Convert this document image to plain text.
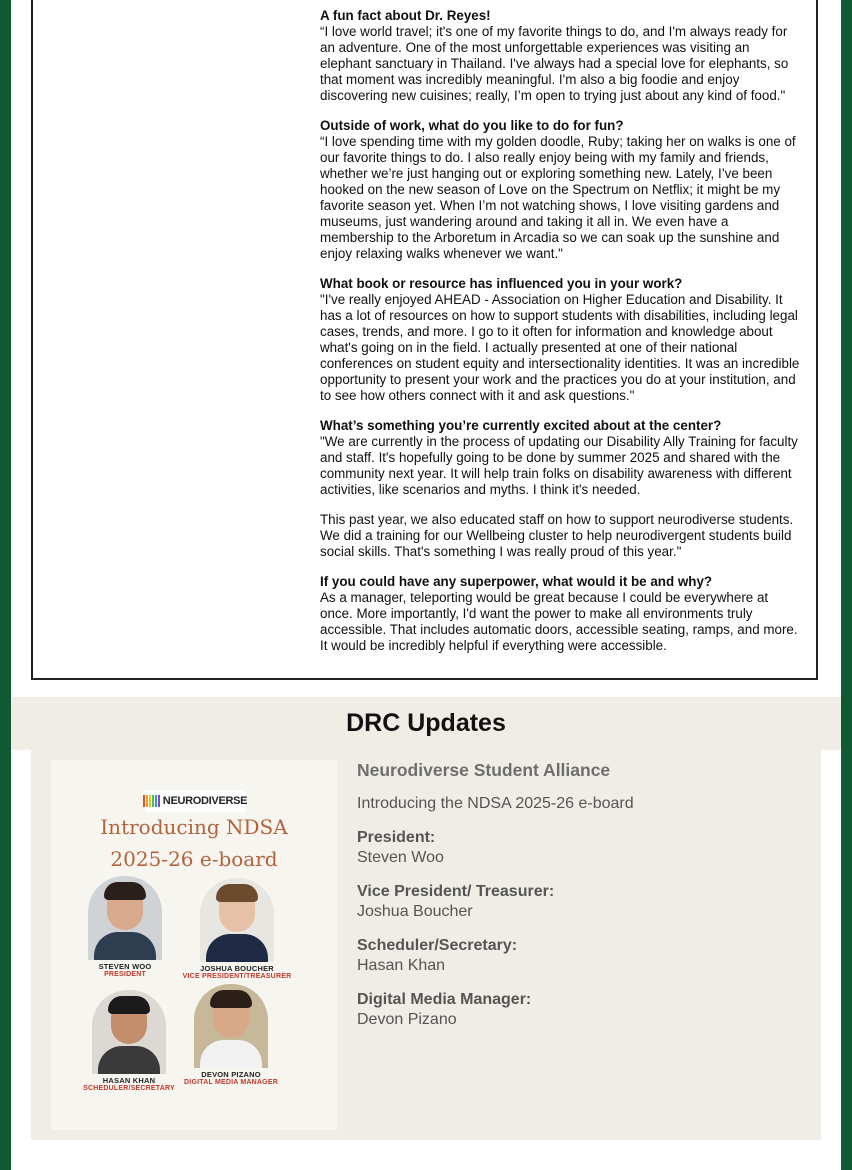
A fun fact about Dr. Reyes!
“I love world travel; it's one of my favorite things to do, and I'm always ready for an adventure. One of the most unforgettable experiences was visiting an elephant sanctuary in Thailand. I've always had a special love for elephants, so that moment was incredibly meaningful. I'm also a big foodie and enjoy discovering new cuisines; really, I’m open to trying just about any kind of food."

Outside of work, what do you like to do for fun?
“I love spending time with my golden doodle, Ruby; taking her on walks is one of our favorite things to do. I also really enjoy being with my family and friends, whether we’re just hanging out or exploring something new. Lately, I’ve been hooked on the new season of Love on the Spectrum on Netflix; it might be my favorite season yet. When I’m not watching shows, I love visiting gardens and museums, just wandering around and taking it all in. We even have a membership to the Arboretum in Arcadia so we can soak up the sunshine and enjoy relaxing walks whenever we want."

What book or resource has influenced you in your work?
"I've really enjoyed AHEAD - Association on Higher Education and Disability. It has a lot of resources on how to support students with disabilities, including legal cases, trends, and more. I go to it often for information and knowledge about what's going on in the field. I actually presented at one of their national conferences on student equity and intersectionality identities. It was an incredible opportunity to present your work and the practices you do at your institution, and to see how others connect with it and ask questions."

What’s something you’re currently excited about at the center?
"We are currently in the process of updating our Disability Ally Training for faculty and staff. It's hopefully going to be done by summer 2025 and shared with the community next year. It will help train folks on disability awareness with different activities, like scenarios and myths. I think it's needed.

This past year, we also educated staff on how to support neurodiverse students. We did a training for our Wellbeing cluster to help neurodivergent students build social skills. That's something I was really proud of this year."

If you could have any superpower, what would it be and why?
As a manager, teleporting would be great because I could be everywhere at once. More importantly, I'd want the power to make all environments truly accessible. That includes automatic doors, accessible seating, ramps, and more. It would be incredibly helpful if everything were accessible.

DRC Updates
NEURODIVERSE
Introducing NDSA
2025-26 e-board
STEVEN WOO
PRESIDENT
JOSHUA BOUCHER
VICE PRESIDENT/TREASURER
HASAN KHAN
SCHEDULER/SECRETARY
DEVON PIZANO
DIGITAL MEDIA MANAGER
Neurodiverse Student Alliance
Introducing the NDSA 2025-26 e-board
President:
Steven Woo
Vice President/ Treasurer:
Joshua Boucher
Scheduler/Secretary:
Hasan Khan
Digital Media Manager:
Devon Pizano
